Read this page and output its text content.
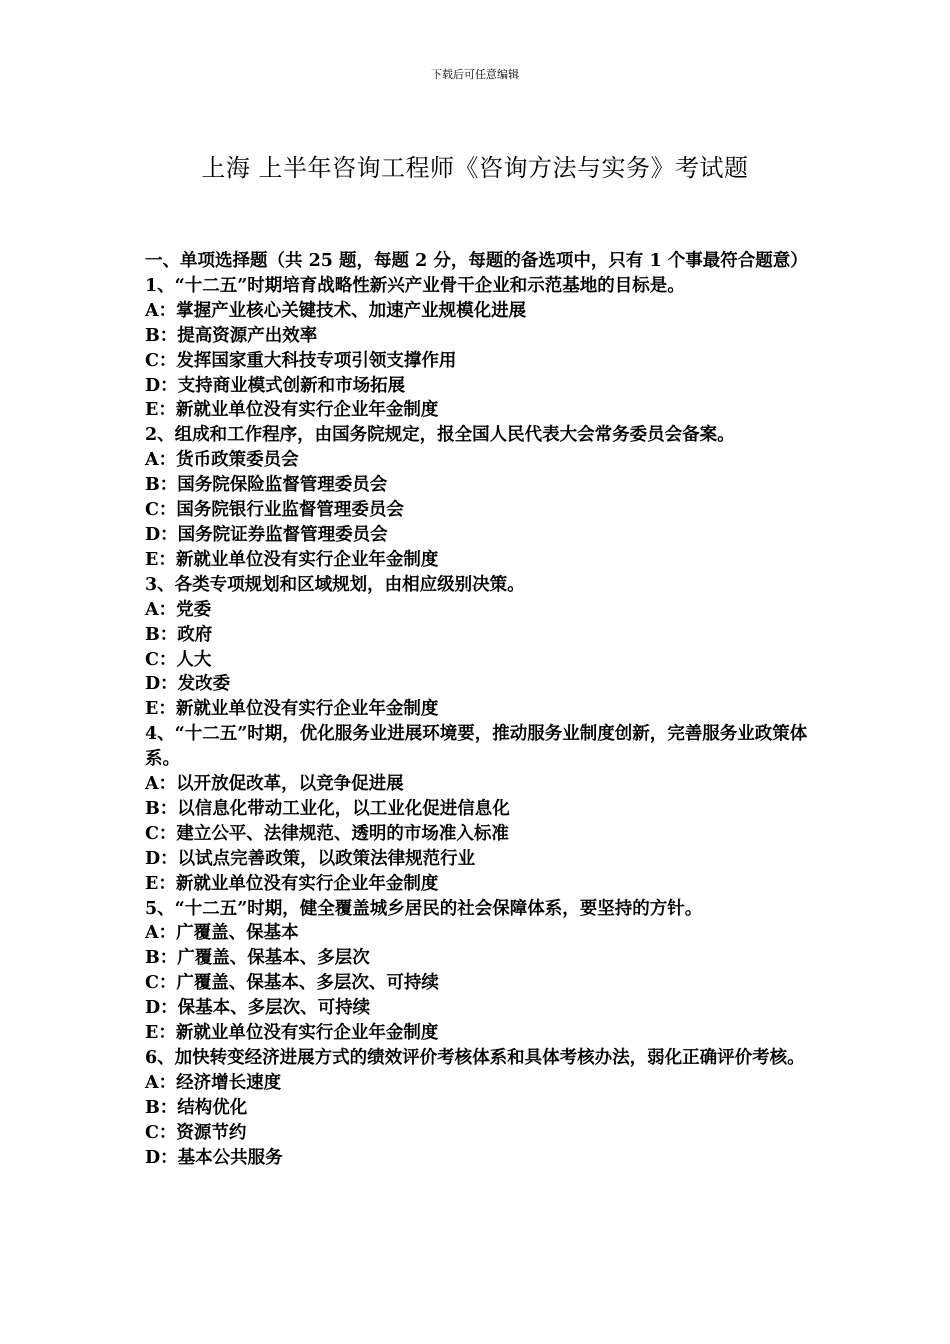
下载后可任意编辑
上海 上半年咨询工程师《咨询方法与实务》考试题

一、单项选择题（共 25 题，每题 2 分，每题的备选项中，只有 1 个事最符合题意）

1、“十二五”时期培育战略性新兴产业骨干企业和示范基地的目标是。

A：掌握产业核心关键技术、加速产业规模化进展

B：提高资源产出效率

C：发挥国家重大科技专项引领支撑作用

D：支持商业模式创新和市场拓展

E：新就业单位没有实行企业年金制度

2、组成和工作程序，由国务院规定，报全国人民代表大会常务委员会备案。

A：货币政策委员会

B：国务院保险监督管理委员会

C：国务院银行业监督管理委员会

D：国务院证券监督管理委员会

E：新就业单位没有实行企业年金制度

3、各类专项规划和区域规划，由相应级别决策。

A：党委

B：政府

C：人大

D：发改委

E：新就业单位没有实行企业年金制度

4、“十二五”时期，优化服务业进展环境要，推动服务业制度创新，完善服务业政策体系。

A：以开放促改革，以竞争促进展

B：以信息化带动工业化，以工业化促进信息化

C：建立公平、法律规范、透明的市场准入标准

D：以试点完善政策，以政策法律规范行业

E：新就业单位没有实行企业年金制度

5、“十二五”时期，健全覆盖城乡居民的社会保障体系，要坚持的方针。

A：广覆盖、保基本

B：广覆盖、保基本、多层次

C：广覆盖、保基本、多层次、可持续

D：保基本、多层次、可持续

E：新就业单位没有实行企业年金制度

6、加快转变经济进展方式的绩效评价考核体系和具体考核办法，弱化正确评价考核。

A：经济增长速度

B：结构优化

C：资源节约

D：基本公共服务
